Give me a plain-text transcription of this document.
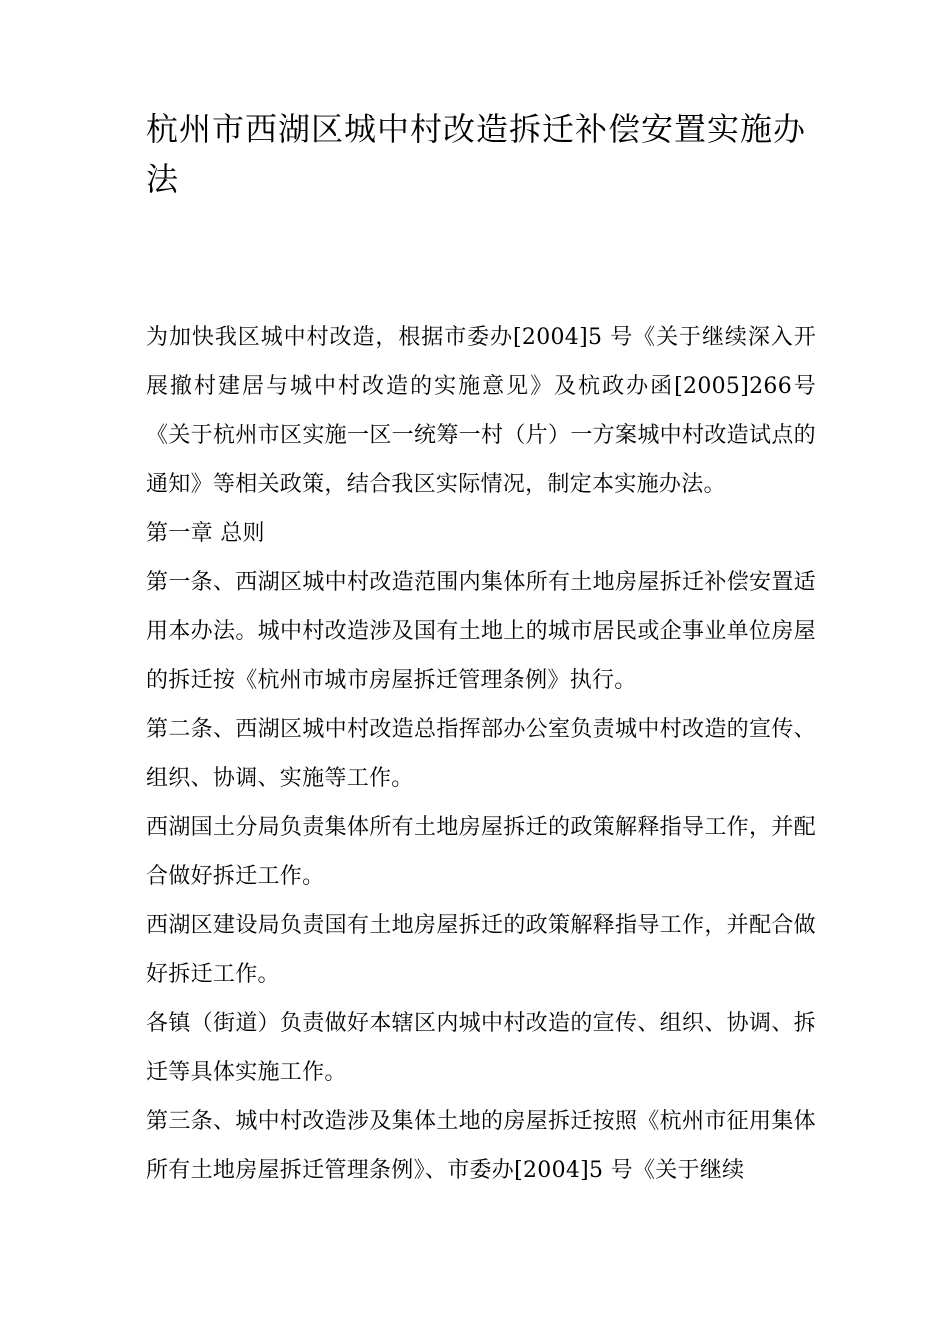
杭州市西湖区城中村改造拆迁补偿安置实施办法

为加快我区城中村改造，根据市委办[2004]5 号《关于继续深入开展撤村建居与城中村改造的实施意见》及杭政办函[2005]266号《关于杭州市区实施一区一统筹一村（片）一方案城中村改造试点的通知》等相关政策，结合我区实际情况，制定本实施办法。

第一章 总则

第一条、西湖区城中村改造范围内集体所有土地房屋拆迁补偿安置适用本办法。城中村改造涉及国有土地上的城市居民或企事业单位房屋的拆迁按《杭州市城市房屋拆迁管理条例》执行。

第二条、西湖区城中村改造总指挥部办公室负责城中村改造的宣传、组织、协调、实施等工作。

西湖国土分局负责集体所有土地房屋拆迁的政策解释指导工作，并配合做好拆迁工作。

西湖区建设局负责国有土地房屋拆迁的政策解释指导工作，并配合做好拆迁工作。

各镇（街道）负责做好本辖区内城中村改造的宣传、组织、协调、拆迁等具体实施工作。

第三条、城中村改造涉及集体土地的房屋拆迁按照《杭州市征用集体所有土地房屋拆迁管理条例》、市委办[2004]5 号《关于继续
